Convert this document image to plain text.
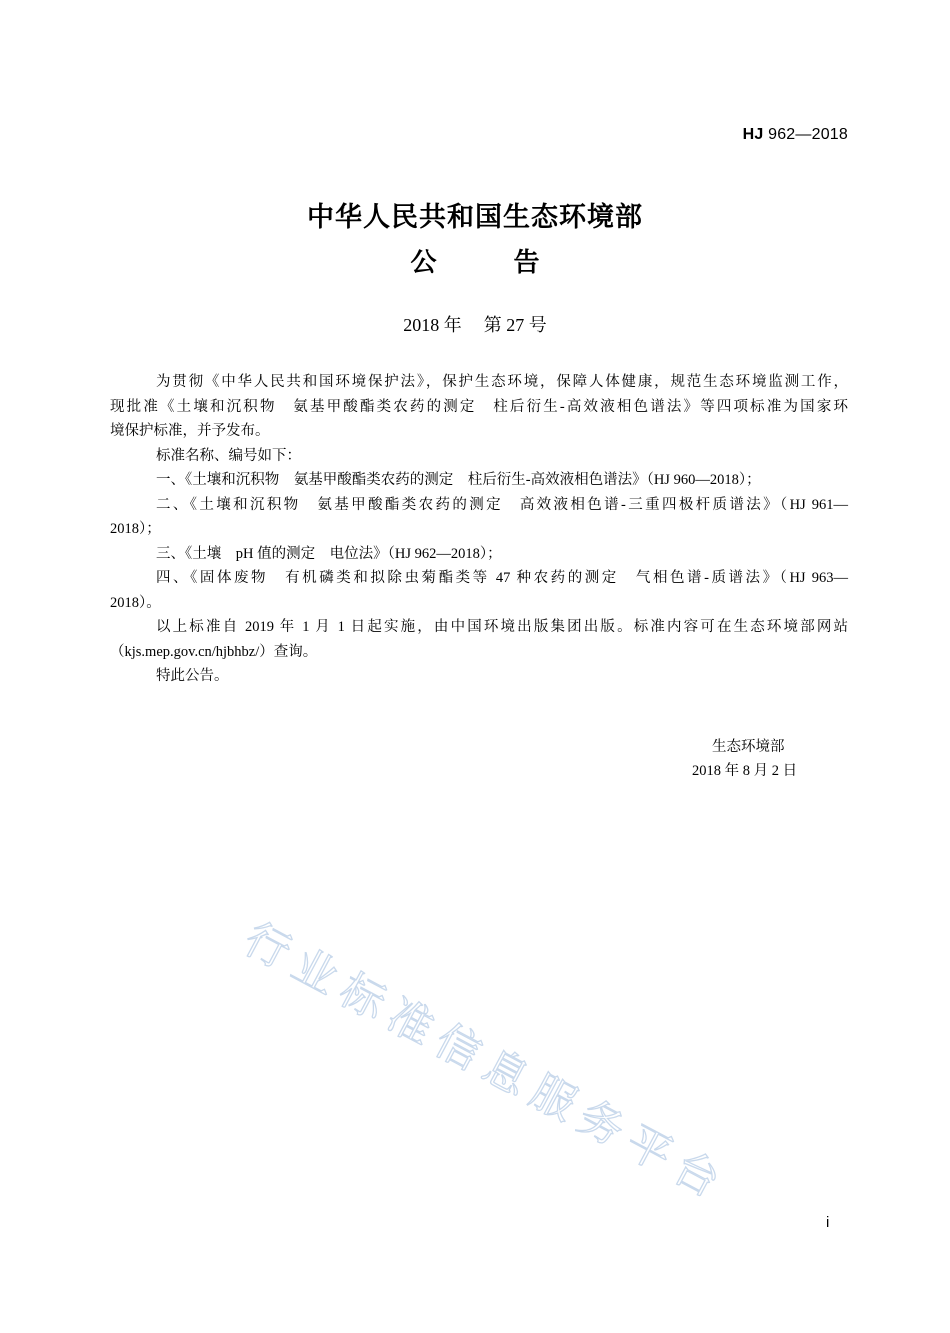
HJ 962—2018
中华人民共和国生态环境部
公 告
2018 年 第 27 号
为贯彻《中华人民共和国环境保护法》，保护生态环境，保障人体健康，规范生态环境监测工作，
现批准《土壤和沉积物　氨基甲酸酯类农药的测定　柱后衍生-高效液相色谱法》等四项标准为国家环
境保护标准，并予发布。
标准名称、编号如下：
一、《土壤和沉积物　氨基甲酸酯类农药的测定　柱后衍生-高效液相色谱法》（HJ 960—2018）；
二、《土壤和沉积物　氨基甲酸酯类农药的测定　高效液相色谱-三重四极杆质谱法》（HJ 961—
2018）；
三、《土壤　pH 值的测定　电位法》（HJ 962—2018）；
四、《固体废物　有机磷类和拟除虫菊酯类等 47 种农药的测定　气相色谱-质谱法》（HJ 963—
2018）。
以上标准自 2019 年 1 月 1 日起实施，由中国环境出版集团出版。标准内容可在生态环境部网站
（kjs.mep.gov.cn/hjbhbz/）查询。
特此公告。
生态环境部
2018 年 8 月 2 日
行业标准信息服务平台
i
